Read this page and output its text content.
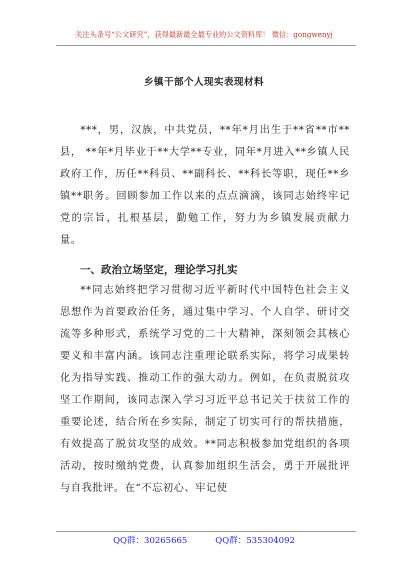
关注头条号“公文研究”，获得最新最全最专业的公文资料库！ 微信：gongwenyj
乡镇干部个人现实表现材料

***，男，汉族，中共党员，**年*月出生于**省**市**县， **年*月毕业于**大学**专业，同年*月进入**乡镇人民政府工作，历任**科员、**副科长、**科长等职，现任**乡镇**职务。回顾参加工作以来的点点滴滴，该同志始终牢记党的宗旨，扎根基层，勤勉工作，努力为乡镇发展贡献力量。

一、政治立场坚定，理论学习扎实

**同志始终把学习贯彻习近平新时代中国特色社会主义思想作为首要政治任务，通过集中学习、个人自学、研讨交流等多种形式，系统学习党的二十大精神，深刻领会其核心要义和丰富内涵。该同志注重理论联系实际，将学习成果转化为指导实践、推动工作的强大动力。例如，在负责脱贫攻坚工作期间，该同志深入学习习近平总书记关于扶贫工作的重要论述，结合所在乡实际，制定了切实可行的帮扶措施，有效提高了脱贫攻坚的成效。**同志积极参加党组织的各项活动，按时缴纳党费，认真参加组织生活会，勇于开展批评与自我批评。在“不忘初心、牢记使

QQ群：30265665	QQ群：535304092
